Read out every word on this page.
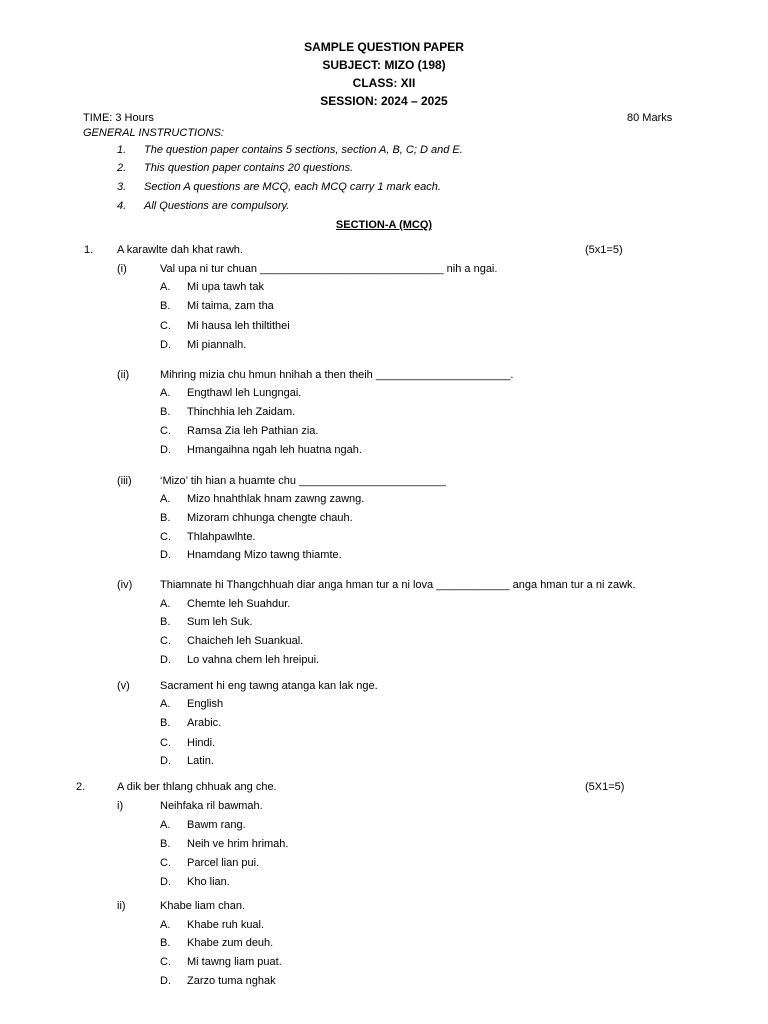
SAMPLE QUESTION PAPER
SUBJECT: MIZO (198)
CLASS: XII
SESSION: 2024 – 2025
TIME: 3 Hours	80 Marks
GENERAL INSTRUCTIONS:
1. The question paper contains 5 sections, section A, B, C; D and E.
2. This question paper contains 20 questions.
3. Section A questions are MCQ, each MCQ carry 1 mark each.
4. All Questions are compulsory.
SECTION-A (MCQ)
1. A karawlte dah khat rawh.	(5x1=5)
(i)	Val upa ni tur chuan ______________________________ nih a ngai.
A. Mi upa tawh tak
B. Mi taima, zam tha
C. Mi hausa leh thiltithei
D. Mi piannalh.
(ii)	Mihring mizia chu hmun hnihah a then theih ______________________.
A. Engthawl leh Lungngai.
B. Thinchhia leh Zaidam.
C. Ramsa Zia leh Pathian zia.
D. Hmangaihna ngah leh huatna ngah.
(iii)	‘Mizo’ tih hian a huamte chu ________________________
A. Mizo hnahthlak hnam zawng zawng.
B. Mizoram chhunga chengte chauh.
C. Thlahpawlhte.
D. Hnamdang Mizo tawng thiamte.
(iv)	Thiamnate hi Thangchhuah diar anga hman tur a ni lova ____________ anga hman tur a ni zawk.
A. Chemte leh Suahdur.
B. Sum leh Suk.
C. Chaicheh leh Suankual.
D. Lo vahna chem leh hreipui.
(v)	Sacrament hi eng tawng atanga kan lak nge.
A. English
B. Arabic.
C. Hindi.
D. Latin.
2.	A dik ber thlang chhuak ang che.	(5X1=5)
i)	Neihfaka ril bawmah.
A. Bawm rang.
B. Neih ve hrim hrimah.
C. Parcel lian pui.
D. Kho lian.
ii)	Khabe liam chan.
A. Khabe ruh kual.
B. Khabe zum deuh.
C. Mi tawng liam puat.
D. Zarzo tuma nghak
